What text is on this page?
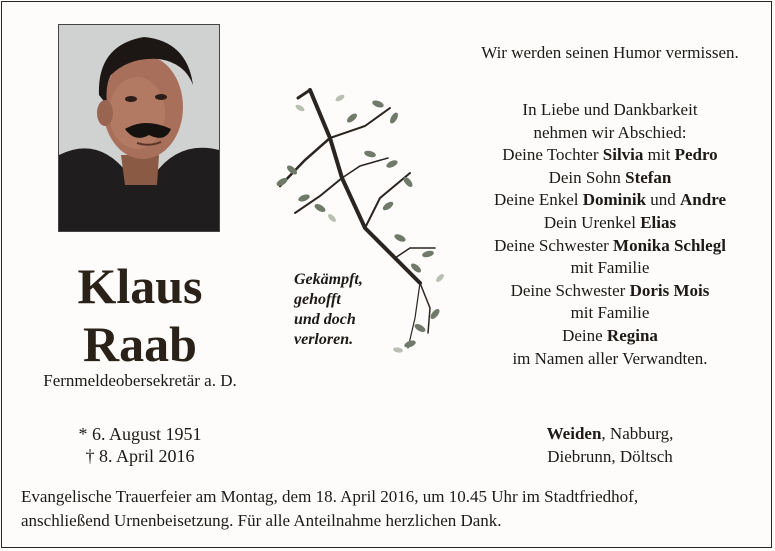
Klaus
Raab
Fernmeldeobersekretär a. D.
* 6. August 1951
† 8. April 2016
Gekämpft,
gehofft
und doch
verloren.
Wir werden seinen Humor vermissen.
In Liebe und Dankbarkeit
nehmen wir Abschied:
Deine Tochter Silvia mit Pedro
Dein Sohn Stefan
Deine Enkel Dominik und Andre
Dein Urenkel Elias
Deine Schwester Monika Schlegl
mit Familie
Deine Schwester Doris Mois
mit Familie
Deine Regina
im Namen aller Verwandten.
Weiden, Nabburg,
Diebrunn, Döltsch
Evangelische Trauerfeier am Montag, dem 18. April 2016, um 10.45 Uhr im Stadtfriedhof,
anschließend Urnenbeisetzung. Für alle Anteilnahme herzlichen Dank.
